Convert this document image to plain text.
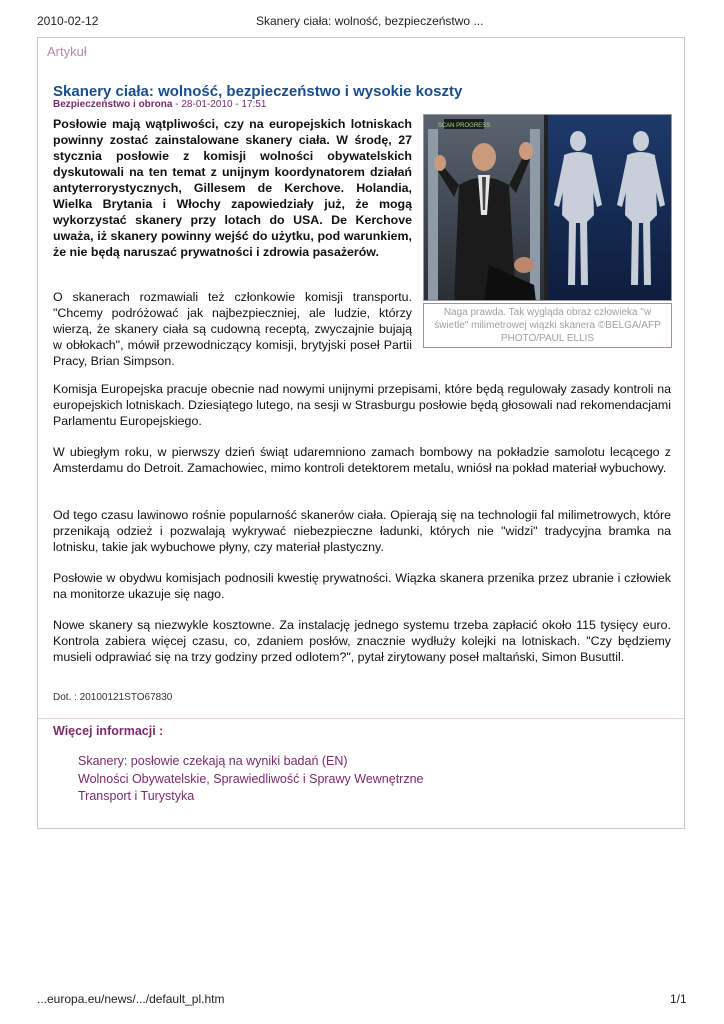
2010-02-12	Skanery ciała: wolność, bezpieczeństwo ...
Artykuł
Skanery ciała: wolność, bezpieczeństwo i wysokie koszty
Bezpieczeństwo i obrona - 28-01-2010 - 17:51
Posłowie mają wątpliwości, czy na europejskich lotniskach powinny zostać zainstalowane skanery ciała. W środę, 27 stycznia posłowie z komisji wolności obywatelskich dyskutowali na ten temat z unijnym koordynatorem działań antyterrorystycznych, Gillesem de Kerchove. Holandia, Wielka Brytania i Włochy zapowiedziały już, że mogą wykorzystać skanery przy lotach do USA. De Kerchove uważa, iż skanery powinny wejść do użytku, pod warunkiem, że nie będą naruszać prywatności i zdrowia pasażerów.
O skanerach rozmawiali też członkowie komisji transportu. "Chcemy podróżować jak najbezpieczniej, ale ludzie, którzy wierzą, że skanery ciała są cudowną receptą, zwyczajnie bujają w obłokach", mówił przewodniczący komisji, brytyjski poseł Partii Pracy, Brian Simpson.
SCAN PROGRESS
Naga prawda. Tak wygląda obraz człowieka "w świetle" milimetrowej wiązki skanera ©BELGA/AFP PHOTO/PAUL ELLIS

Komisja Europejska pracuje obecnie nad nowymi unijnymi przepisami, które będą regulowały zasady kontroli na europejskich lotniskach. Dziesiątego lutego, na sesji w Strasburgu posłowie będą głosowali nad rekomendacjami Parlamentu Europejskiego.

W ubiegłym roku, w pierwszy dzień świąt udaremniono zamach bombowy na pokładzie samolotu lecącego z Amsterdamu do Detroit. Zamachowiec, mimo kontroli detektorem metalu, wniósł na pokład materiał wybuchowy.

Od tego czasu lawinowo rośnie popularność skanerów ciała. Opierają się na technologii fal milimetrowych, które przenikają odzież i pozwalają wykrywać niebezpieczne ładunki, których nie "widzi" tradycyjna bramka na lotnisku, takie jak wybuchowe płyny, czy materiał plastyczny.

Posłowie w obydwu komisjach podnosili kwestię prywatności. Wiązka skanera przenika przez ubranie i człowiek na monitorze ukazuje się nago.

Nowe skanery są niezwykle kosztowne. Za instalację jednego systemu trzeba zapłacić około 115 tysięcy euro. Kontrola zabiera więcej czasu, co, zdaniem posłów, znacznie wydłuży kolejki na lotniskach. "Czy będziemy musieli odprawiać się na trzy godziny przed odlotem?", pytał zirytowany poseł maltański, Simon Busuttil.

Dot. : 20100121STO67830
Więcej informacji :
Skanery: posłowie czekają na wyniki badań (EN)
Wolności Obywatelskie, Sprawiedliwość i Sprawy Wewnętrzne
Transport i Turystyka
...europa.eu/news/.../default_pl.htm	1/1
